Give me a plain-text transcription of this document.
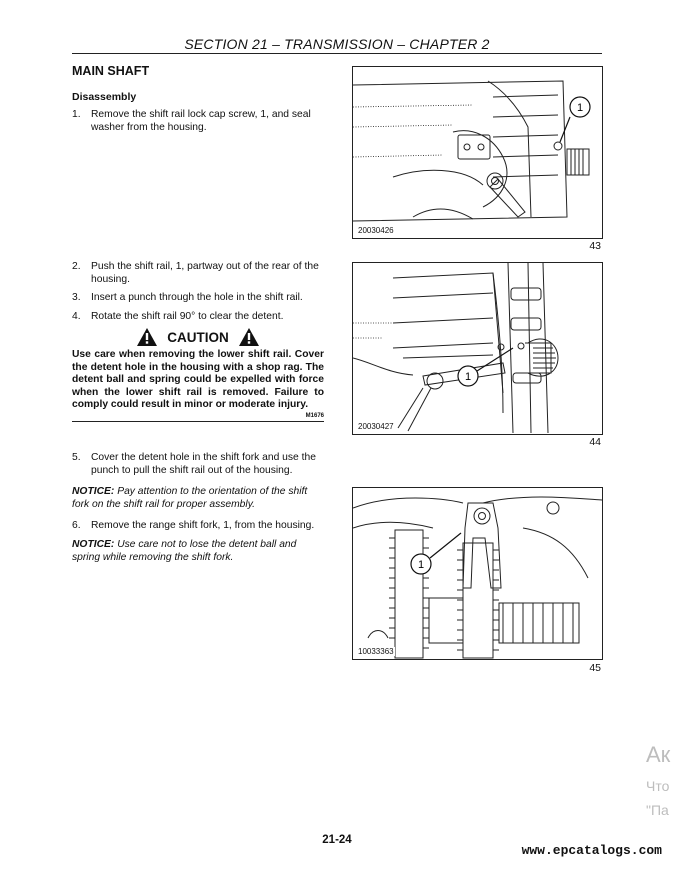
SECTION 21 – TRANSMISSION – CHAPTER 2
MAIN SHAFT
Disassembly
1.	Remove the shift rail lock cap screw, 1, and seal washer from the housing.
2.	Push the shift rail, 1, partway out of the rear of the housing.
3.	Insert a punch through the hole in the shift rail.
4.	Rotate the shift rail 90° to clear the detent.
CAUTION
Use care when removing the lower shift rail. Cover the detent hole in the housing with a shop rag. The detent ball and spring could be expelled with force when the lower shift rail is removed. Failure to comply could result in minor or moderate injury.
M1676
5.	Cover the detent hole in the shift fork and use the punch to pull the shift rail out of the housing.
NOTICE: Pay attention to the orientation of the shift fork on the shift rail for proper assembly.
6.	Remove the range shift fork, 1, from the housing.
NOTICE: Use care not to lose the detent ball and spring while removing the shift fork.
1
20030426
43
1
20030427
44
1
10033363
45
21-24
www.epcatalogs.com
Ак
Что
"Па
